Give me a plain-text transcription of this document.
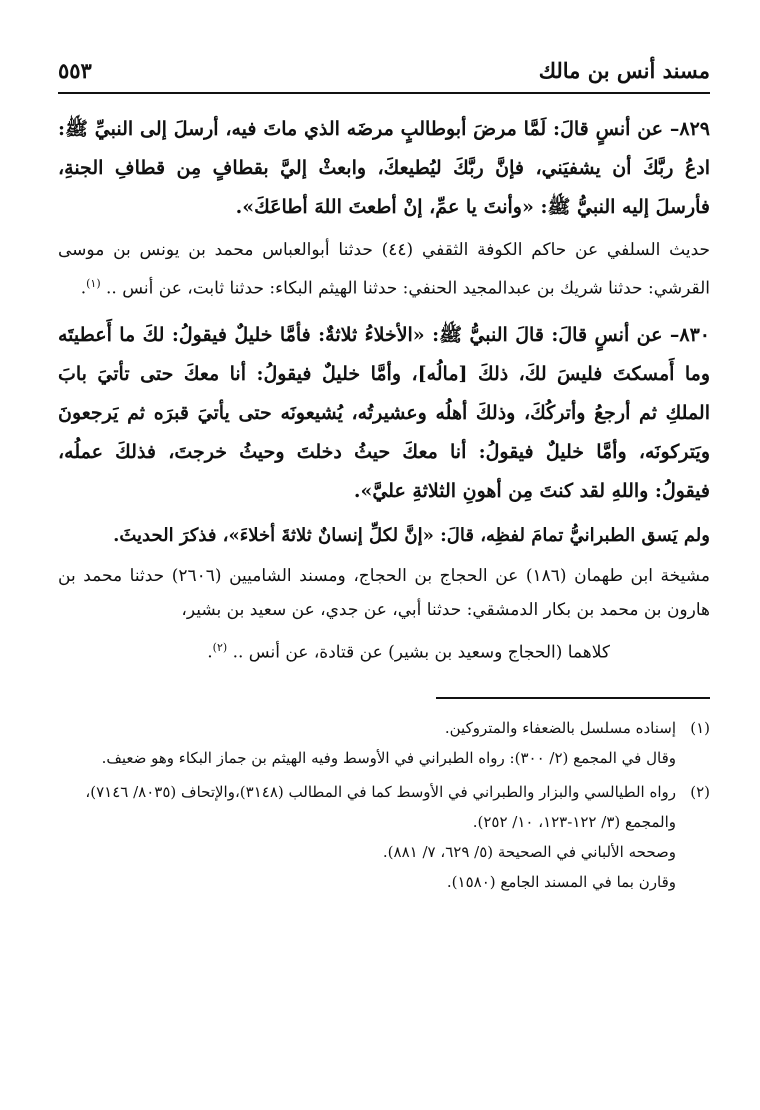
مسند أنس بن مالك
٥٥٣

٨٢٩– عن أنسٍ قالَ: لَمَّا مرضَ أبوطالبٍ مرضَه الذي ماتَ فيه، أرسلَ إلى النبيِّ ﷺ: ادعُ ربَّكَ أن يشفيَني، فإنَّ ربَّكَ ليُطيعكَ، وابعثْ إليَّ بقطافٍ مِن قطافِ الجنةِ، فأرسلَ إليه النبيُّ ﷺ: «وأنتَ يا عمِّ، إنْ أطعتَ اللهَ أطاعَكَ».

حديث السلفي عن حاكم الكوفة الثقفي (٤٤) حدثنا أبوالعباس محمد بن يونس بن موسى القرشي: حدثنا شريك بن عبدالمجيد الحنفي: حدثنا الهيثم البكاء: حدثنا ثابت، عن أنس .. $^{(١)}$.

٨٣٠– عن أنسٍ قالَ: قالَ النبيُّ ﷺ: «الأخلاءُ ثلاثةٌ: فأمَّا خليلٌ فيقولُ: لكَ ما أَعطيتَه وما أَمسكتَ فليسَ لكَ، ذلكَ [مالُه]، وأمَّا خليلٌ فيقولُ: أنا معكَ حتى تأتيَ بابَ الملكِ ثم أرجعُ وأتركُكَ، وذلكَ أهلُه وعشيرتُه، يُشيعونَه حتى يأتيَ قبرَه ثم يَرجعونَ ويَتركونَه، وأمَّا خليلٌ فيقولُ: أنا معكَ حيثُ دخلتَ وحيثُ خرجتَ، فذلكَ عملُه، فيقولُ: واللهِ لقد كنتَ مِن أهونِ الثلاثةِ عليَّ».

ولم يَسق الطبرانيُّ تمامَ لفظِه، قالَ: «إنَّ لكلِّ إنسانٌ ثلاثةَ أخلاءَ»، فذكرَ الحديثَ.

مشيخة ابن طهمان (١٨٦) عن الحجاج بن الحجاج، ومسند الشاميين (٢٦٠٦) حدثنا محمد بن هارون بن محمد بن بكار الدمشقي: حدثنا أبي، عن جدي، عن سعيد بن بشير،

كلاهما (الحجاج وسعيد بن بشير) عن قتادة، عن أنس .. $^{(٢)}$.

(١)
إسناده مسلسل بالضعفاء والمتروكين.
وقال في المجمع (٢/ ٣٠٠): رواه الطبراني في الأوسط وفيه الهيثم بن جماز البكاء وهو ضعيف.
(٢)
رواه الطيالسي والبزار والطبراني في الأوسط كما في المطالب (٣١٤٨)،والإتحاف (٨٠٣٥/ ٧١٤٦)، والمجمع (٣/ ١٢٢-١٢٣، ١٠/ ٢٥٢).
وصححه الألباني في الصحيحة (٥/ ٦٢٩، ٧/ ٨٨١).
وقارن بما في المسند الجامع (١٥٨٠).
